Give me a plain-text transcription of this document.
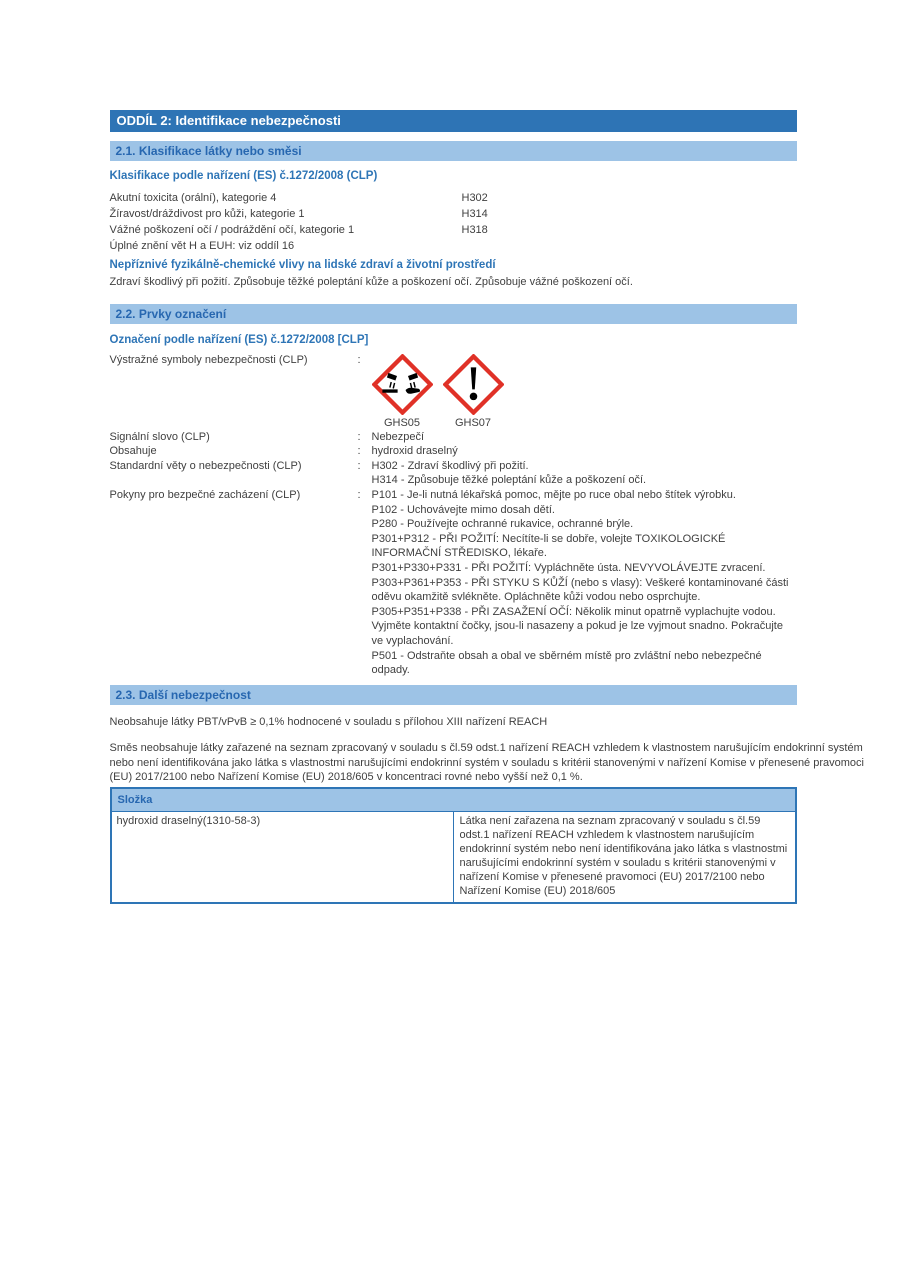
ODDÍL 2: Identifikace nebezpečnosti
2.1. Klasifikace látky nebo směsi
Klasifikace podle nařízení (ES) č.1272/2008 (CLP)
Akutní toxicita (orální), kategorie 4	H302
Žíravost/dráždivost pro kůži, kategorie 1	H314
Vážné poškození očí / podráždění očí, kategorie 1	H318
Úplné znění vět H a EUH: viz oddíl 16
Nepříznivé fyzikálně-chemické vlivy na lidské zdraví a životní prostředí
Zdraví škodlivý při požití. Způsobuje těžké poleptání kůže a poškození očí. Způsobuje vážné poškození očí.
2.2. Prvky označení
Označení podle nařízení (ES) č.1272/2008 [CLP]
Výstražné symboly nebezpečnosti (CLP)	:
GHS05	GHS07
Signální slovo (CLP)	: Nebezpečí
Obsahuje	: hydroxid draselný
Standardní věty o nebezpečnosti (CLP)	: H302 - Zdraví škodlivý při požití.
H314 - Způsobuje těžké poleptání kůže a poškození očí.
Pokyny pro bezpečné zacházení (CLP)	: P101 - Je-li nutná lékařská pomoc, mějte po ruce obal nebo štítek výrobku.
P102 - Uchovávejte mimo dosah dětí.
P280 - Používejte ochranné rukavice, ochranné brýle.
P301+P312 - PŘI POŽITÍ: Necítíte-li se dobře, volejte TOXIKOLOGICKÉ INFORMAČNÍ STŘEDISKO, lékaře.
P301+P330+P331 - PŘI POŽITÍ: Vypláchněte ústa. NEVYVOLÁVEJTE zvracení.
P303+P361+P353 - PŘI STYKU S KŮŽÍ (nebo s vlasy): Veškeré kontaminované části oděvu okamžitě svlékněte. Opláchněte kůži vodou nebo osprchujte.
P305+P351+P338 - PŘI ZASAŽENÍ OČÍ: Několik minut opatrně vyplachujte vodou. Vyjměte kontaktní čočky, jsou-li nasazeny a pokud je lze vyjmout snadno. Pokračujte ve vyplachování.
P501 - Odstraňte obsah a obal ve sběrném místě pro zvláštní nebo nebezpečné odpady.
2.3. Další nebezpečnost
Neobsahuje látky PBT/vPvB ≥ 0,1% hodnocené v souladu s přílohou XIII nařízení REACH
Směs neobsahuje látky zařazené na seznam zpracovaný v souladu s čl.59 odst.1 nařízení REACH vzhledem k vlastnostem narušujícím endokrinní systém nebo není identifikována jako látka s vlastnostmi narušujícími endokrinní systém v souladu s kritérii stanovenými v nařízení Komise v přenesené pravomoci (EU) 2017/2100 nebo Nařízení Komise (EU) 2018/605 v koncentraci rovné nebo vyšší než 0,1 %.
Složka
hydroxid draselný(1310-58-3)	Látka není zařazena na seznam zpracovaný v souladu s čl.59 odst.1 nařízení REACH vzhledem k vlastnostem narušujícím endokrinní systém nebo není identifikována jako látka s vlastnostmi narušujícími endokrinní systém v souladu s kritérii stanovenými v nařízení Komise v přenesené pravomoci (EU) 2017/2100 nebo Nařízení Komise (EU) 2018/605
